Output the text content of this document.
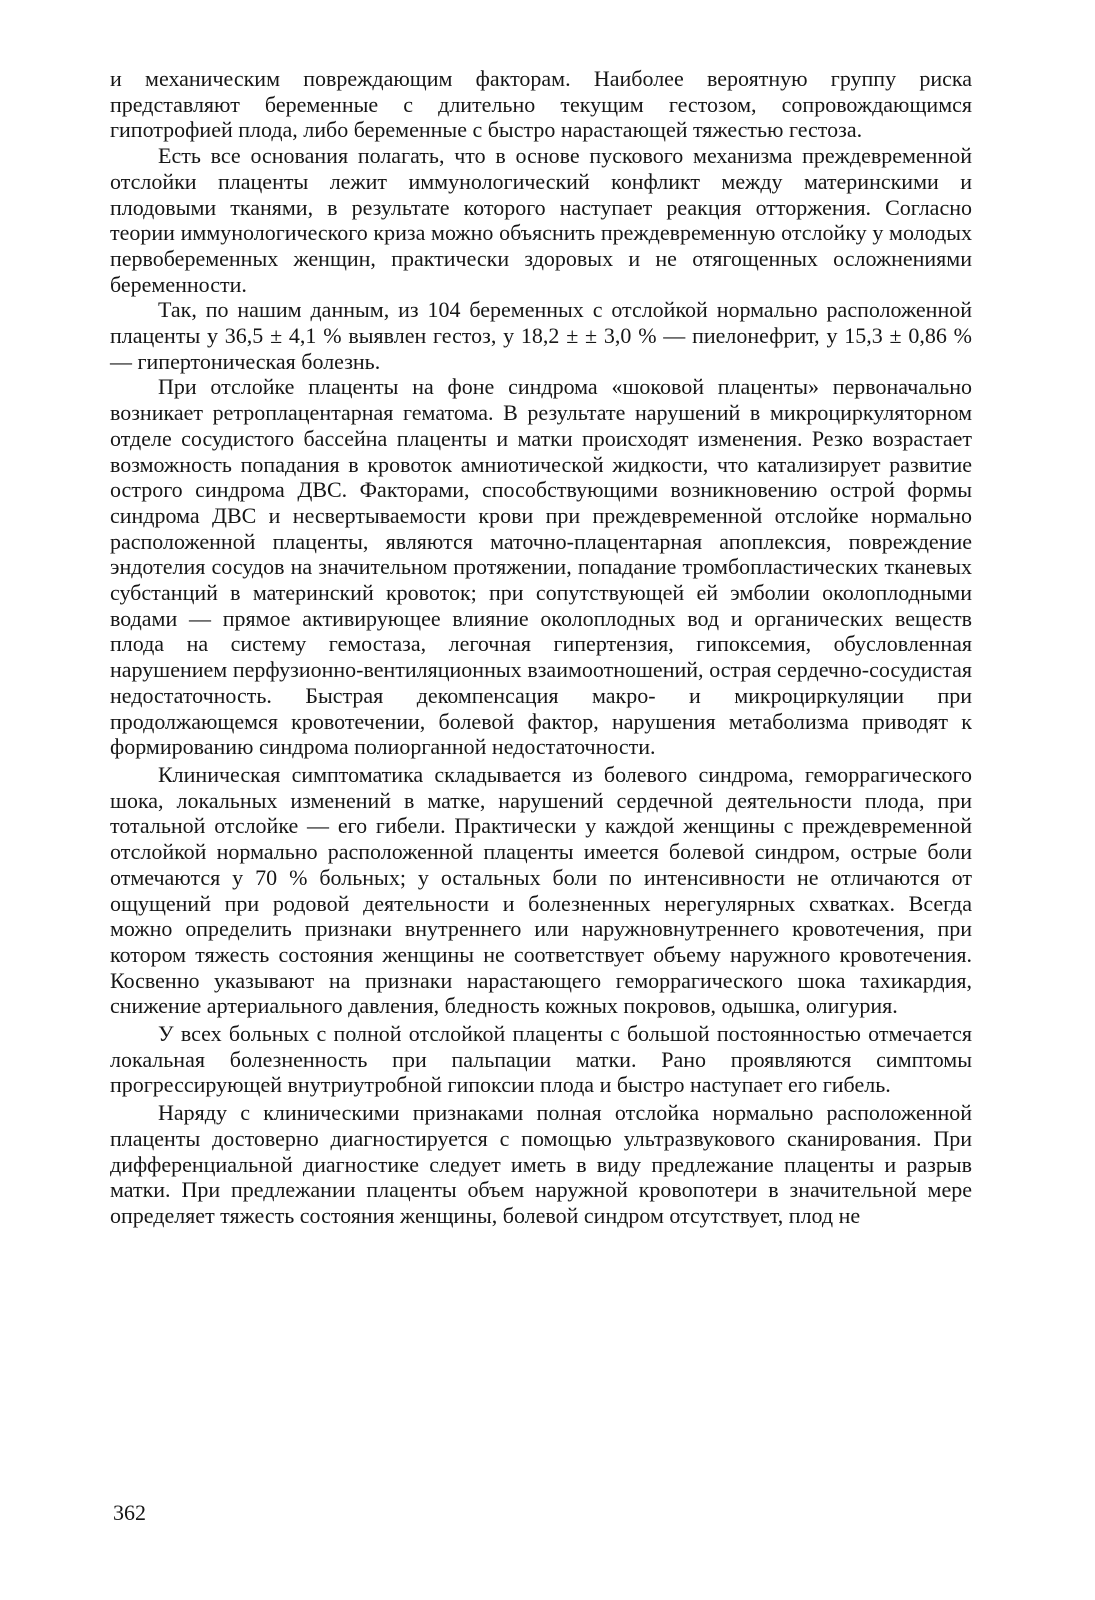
и механическим повреждающим факторам. Наиболее вероятную группу риска представляют беременные с длительно текущим гестозом, сопровождающимся гипотрофией плода, либо беременные с быстро нарастающей тяжестью гестоза.

Есть все основания полагать, что в основе пускового механизма преждевременной отслойки плаценты лежит иммунологический конфликт между материнскими и плодовыми тканями, в результате которого наступает реакция отторжения. Согласно теории иммунологического криза можно объяснить преждевременную отслойку у молодых первобеременных женщин, практически здоровых и не отягощенных осложнениями беременности.

Так, по нашим данным, из 104 беременных с отслойкой нормально расположенной плаценты у 36,5 ± 4,1 % выявлен гестоз, у 18,2 ± ± 3,0 % — пиелонефрит, у 15,3 ± 0,86 % — гипертоническая болезнь.

При отслойке плаценты на фоне синдрома «шоковой плаценты» первоначально возникает ретроплацентарная гематома. В результате нарушений в микроциркуляторном отделе сосудистого бассейна плаценты и матки происходят изменения. Резко возрастает возможность попадания в кровоток амниотической жидкости, что катализирует развитие острого синдрома ДВС. Факторами, способствующими возникновению острой формы синдрома ДВС и несвертываемости крови при преждевременной отслойке нормально расположенной плаценты, являются маточно-плацентарная апоплексия, повреждение эндотелия сосудов на значительном протяжении, попадание тромбопластических тканевых субстанций в материнский кровоток; при сопутствующей ей эмболии околоплодными водами — прямое активирующее влияние околоплодных вод и органических веществ плода на систему гемостаза, легочная гипертензия, гипоксемия, обусловленная нарушением перфузионно-вентиляционных взаимоотношений, острая сердечно-сосудистая недостаточность. Быстрая декомпенсация макро- и микроциркуляции при продолжающемся кровотечении, болевой фактор, нарушения метаболизма приводят к формированию синдрома полиорганной недостаточности.

Клиническая симптоматика складывается из болевого синдрома, геморрагического шока, локальных изменений в матке, нарушений сердечной деятельности плода, при тотальной отслойке — его гибели. Практически у каждой женщины с преждевременной отслойкой нормально расположенной плаценты имеется болевой синдром, острые боли отмечаются у 70 % больных; у остальных боли по интенсивности не отличаются от ощущений при родовой деятельности и болезненных нерегулярных схватках. Всегда можно определить признаки внутреннего или наружновнутреннего кровотечения, при котором тяжесть состояния женщины не соответствует объему наружного кровотечения. Косвенно указывают на признаки нарастающего геморрагического шока тахикардия, снижение артериального давления, бледность кожных покровов, одышка, олигурия.

У всех больных с полной отслойкой плаценты с большой постоянностью отмечается локальная болезненность при пальпации матки. Рано проявляются симптомы прогрессирующей внутриутробной гипоксии плода и быстро наступает его гибель.

Наряду с клиническими признаками полная отслойка нормально расположенной плаценты достоверно диагностируется с помощью ультразвукового сканирования. При дифференциальной диагностике следует иметь в виду предлежание плаценты и разрыв матки. При предлежании плаценты объем наружной кровопотери в значительной мере определяет тяжесть состояния женщины, болевой синдром отсутствует, плод не

362
